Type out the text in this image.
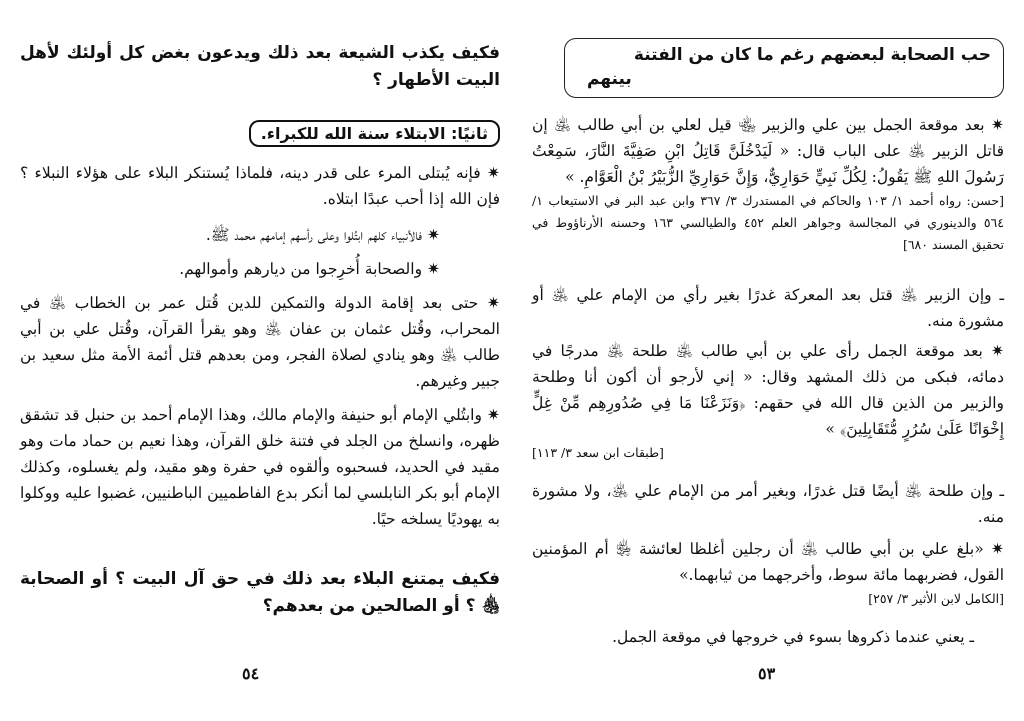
فكيف يكذب الشيعة بعد ذلك ويدعون بغض كل أولئك لأهل البيت الأطهار ؟

ثانيًا: الابتلاء سنة الله للكبراء.

✷ فإنه يُبتلى المرء على قدر دينه، فلماذا يُستنكر البلاء على هؤلاء النبلاء ؟ فإن الله إذا أحب عبدًا ابتلاه.

✷ فالأنبياء كلهم ابتُلوا وعلى رأسهم إمامهم محمد ﷺ.

✷ والصحابة أُخرِجوا من ديارهم وأموالهم.

✷ حتى بعد إقامة الدولة والتمكين للدين قُتل عمر بن الخطاب ﵁ في المحراب، وقُتل عثمان بن عفان ﵁ وهو يقرأ القرآن، وقُتل علي بن أبي طالب ﵁ وهو ينادي لصلاة الفجر، ومن بعدهم قتل أئمة الأمة مثل سعيد بن جبير وغيرهم.

✷ وابتُلي الإمام أبو حنيفة والإمام مالك، وهذا الإمام أحمد بن حنبل قد تشقق ظهره، وانسلخ من الجلد في فتنة خلق القرآن، وهذا نعيم بن حماد مات وهو مقيد في الحديد، فسحبوه وألقوه في حفرة وهو مقيد، ولم يغسلوه، وكذلك الإمام أبو بكر النابلسي لما أنكر بدع الفاطميين الباطنيين، غضبوا عليه ووكلوا به يهوديًا يسلخه حيًا.

فكيف يمتنع البلاء بعد ذلك في حق آل البيت ؟ أو الصحابة ﵃ ؟ أو الصالحين من بعدهم؟

٥٤
حب الصحابة لبعضهم رغم ما كان من الفتنة
بينهم

✷ بعد موقعة الجمل بين علي والزبير ﵄ قيل لعلي بن أبي طالب ﵁ إن قاتل الزبير ﵁ على الباب قال: « لَيَدْخُلَنَّ قَاتِلُ ابْنِ صَفِيَّةَ النَّارَ، سَمِعْتُ رَسُولَ اللهِ ﷺ يَقُولُ: لِكُلِّ نَبِيٍّ حَوَارِيٌّ، وَإِنَّ حَوَارِيِّ الزُّبَيْرُ بْنُ الْعَوَّامِ. »

[حسن: رواه أحمد ١/ ١٠٣ والحاكم في المستدرك ٣/ ٣٦٧ وابن عبد البر في الاستيعاب ١/ ٥٦٤ والدينوري في المجالسة وجواهر العلم ٤٥٢ والطيالسي ١٦٣ وحسنه الأرناؤوط في تحقيق المسند ٦٨٠]

ـ وإن الزبير ﵁ قتل بعد المعركة غدرًا بغير رأي من الإمام علي ﵁ أو مشورة منه.

✷ بعد موقعة الجمل رأى علي بن أبي طالب ﵁ طلحة ﵁ مدرجًا في دمائه، فبكى من ذلك المشهد وقال: « إني لأرجو أن أكون أنا وطلحة والزبير من الذين قال الله في حقهم: ﴿وَنَزَعْنَا مَا فِي صُدُورِهِم مِّنْ غِلٍّ إِخْوَانًا عَلَىٰ سُرُرٍ مُّتَقَابِلِينَ﴾ »

[طبقات ابن سعد ٣/ ١١٣]

ـ وإن طلحة ﵁ أيضًا قتل غدرًا، وبغير أمر من الإمام علي ﵁، ولا مشورة منه.

✷ «بلغ علي بن أبي طالب ﵁ أن رجلين أغلظا لعائشة ﵂ أم المؤمنين القول، فضربهما مائة سوط، وأخرجهما من ثيابهما.»

[الكامل لابن الأثير ٣/ ٢٥٧]

ـ يعني عندما ذكروها بسوء في خروجها في موقعة الجمل.

٥٣
